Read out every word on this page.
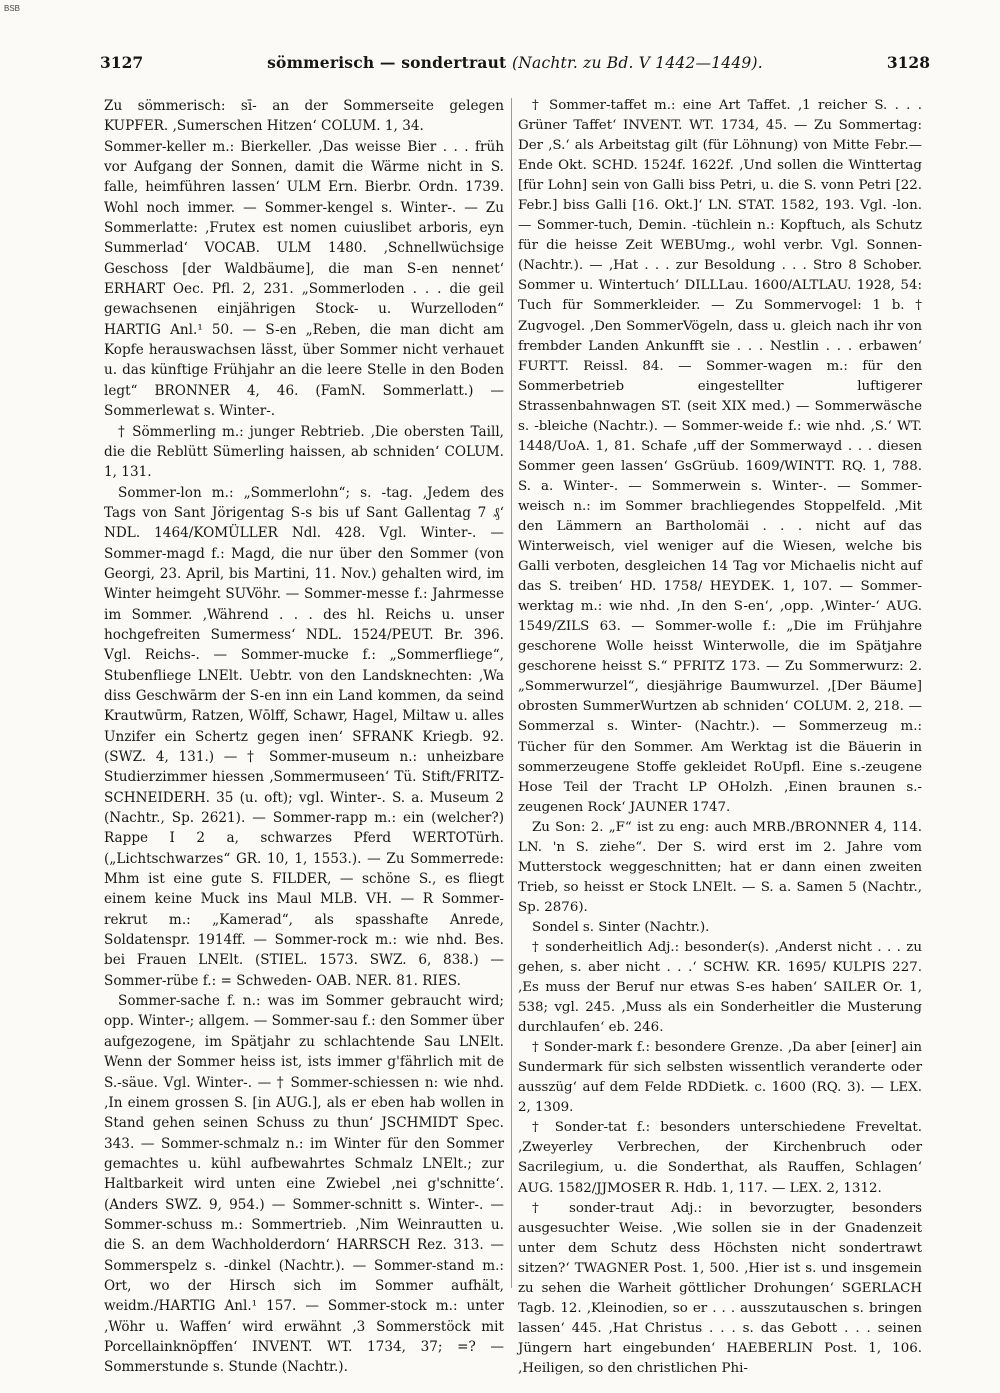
BSB
3127	sömmerisch — sondertraut (Nachtr. zu Bd. V 1442—1449).	3128

Zu sömmerisch: sī- an der Sommerseite gelegen KUPFER. ‚Sumerschen Hitzen‘ COLUM. 1, 34.

Sommer-keller m.: Bierkeller. ‚Das weisse Bier . . . früh vor Aufgang der Sonnen, damit die Wärme nicht in S. falle, heimführen lassen‘ ULM Ern. Bierbr. Ordn. 1739. Wohl noch immer. — Sommer-kengel s. Winter-. — Zu Sommerlatte: ‚Frutex est nomen cuiuslibet arboris, eyn Summerlad‘ VOCAB. ULM 1480. ‚Schnellwüchsige Geschoss [der Waldbäume], die man S-en nennet‘ ERHART Oec. Pfl. 2, 231. „Sommerloden . . . die geil gewachsenen einjährigen Stock- u. Wurzelloden“ HARTIG Anl.¹ 50. — S-en „Reben, die man dicht am Kopfe herauswachsen lässt, über Sommer nicht verhauet u. das künftige Frühjahr an die leere Stelle in den Boden legt“ BRONNER 4, 46. (FamN. Sommerlatt.) — Sommerlewat s. Winter-.

† Sömmerling m.: junger Rebtrieb. ‚Die obersten Taill, die die Reblütt Sümerling haissen, ab schniden‘ COLUM. 1, 131.

Sommer-lon m.: „Sommerlohn“; s. -tag. ‚Jedem des Tags von Sant Jörigentag S-s bis uf Sant Gallentag 7 ₰‘ NDL. 1464/KOMÜLLER Ndl. 428. Vgl. Winter-. — Sommer-magd f.: Magd, die nur über den Sommer (von Georgi, 23. April, bis Martini, 11. Nov.) gehalten wird, im Winter heimgeht SUVöhr. — Sommer-messe f.: Jahrmesse im Sommer. ‚Während . . . des hl. Reichs u. unser hochgefreiten Sumermess‘ NDL. 1524/PEUT. Br. 396. Vgl. Reichs-. — Sommer-mucke f.: „Sommerfliege“, Stubenfliege LNElt. Uebtr. von den Landsknechten: ‚Wa diss Geschwārm der S-en inn ein Land kommen, da seind Krautwūrm, Ratzen, Wōlff, Schawr, Hagel, Miltaw u. alles Unzifer ein Schertz gegen inen‘ SFRANK Kriegb. 92. (SWZ. 4, 131.) — † Sommer-museum n.: unheizbare Studierzimmer hiessen ‚Sommermuseen‘ Tü. Stift/FRITZ-SCHNEIDERH. 35 (u. oft); vgl. Winter-. S. a. Museum 2 (Nachtr., Sp. 2621). — Sommer-rapp m.: ein (welcher?) Rappe I 2 a, schwarzes Pferd WERTOTürh. („Lichtschwarzes“ GR. 10, 1, 1553.). — Zu Sommerrede: Mhm ist eine gute S. FILDER, — schöne S., es fliegt einem keine Muck ins Maul MLB. VH. — R Sommer-rekrut m.: „Kamerad“, als spasshafte Anrede, Soldatenspr. 1914ff. — Sommer-rock m.: wie nhd. Bes. bei Frauen LNElt. (STIEL. 1573. SWZ. 6, 838.) — Sommer-rübe f.: = Schweden- OAB. NER. 81. RIES.

Sommer-sache f. n.: was im Sommer gebraucht wird; opp. Winter-; allgem. — Sommer-sau f.: den Sommer über aufgezogene, im Spätjahr zu schlachtende Sau LNElt. Wenn der Sommer heiss ist, ists immer g'fährlich mit de S.-säue. Vgl. Winter-. — † Sommer-schiessen n: wie nhd. ‚In einem grossen S. [in AUG.], als er eben hab wollen in Stand gehen seinen Schuss zu thun‘ JSCHMIDT Spec. 343. — Sommer-schmalz n.: im Winter für den Sommer gemachtes u. kühl aufbewahrtes Schmalz LNElt.; zur Haltbarkeit wird unten eine Zwiebel ‚nei g'schnitte‘. (Anders SWZ. 9, 954.) — Sommer-schnitt s. Winter-. — Sommer-schuss m.: Sommertrieb. ‚Nim Weinrautten u. die S. an dem Wachholderdorn‘ HARRSCH Rez. 313. — Sommerspelz s. -dinkel (Nachtr.). — Sommer-stand m.: Ort, wo der Hirsch sich im Sommer aufhält, weidm./HARTIG Anl.¹ 157. — Sommer-stock m.: unter ‚Wöhr u. Waffen‘ wird erwähnt ‚3 Sommerstöck mit Porcellainknöpffen‘ INVENT. WT. 1734, 37; =? — Sommerstunde s. Stunde (Nachtr.).

† Sommer-taffet m.: eine Art Taffet. ‚1 reicher S. . . . Grüner Taffet‘ INVENT. WT. 1734, 45. — Zu Sommertag: Der ‚S.‘ als Arbeitstag gilt (für Löhnung) von Mitte Febr.—Ende Okt. SCHD. 1524f. 1622f. ‚Und sollen die Winttertag [für Lohn] sein von Galli biss Petri, u. die S. vonn Petri [22. Febr.] biss Galli [16. Okt.]‘ LN. STAT. 1582, 193. Vgl. -lon. — Sommer-tuch, Demin. -tüchlein n.: Kopftuch, als Schutz für die heisse Zeit WEBUmg., wohl verbr. Vgl. Sonnen- (Nachtr.). — ‚Hat . . . zur Besoldung . . . Stro 8 Schober. Sommer u. Wintertuch‘ DILLLau. 1600/ALTLAU. 1928, 54: Tuch für Sommerkleider. — Zu Sommervogel: 1 b. † Zugvogel. ‚Den SommerVögeln, dass u. gleich nach ihr von frembder Landen Ankunfft sie . . . Nestlin . . . erbawen‘ FURTT. Reissl. 84. — Sommer-wagen m.: für den Sommerbetrieb eingestellter luftigerer Strassenbahnwagen ST. (seit XIX med.) — Sommerwäsche s. -bleiche (Nachtr.). — Sommer-weide f.: wie nhd. ‚S.‘ WT. 1448/UoA. 1, 81. Schafe ‚uff der Sommerwayd . . . diesen Sommer geen lassen‘ GsGrüub. 1609/WINTT. RQ. 1, 788. S. a. Winter-. — Sommerwein s. Winter-. — Sommer-weisch n.: im Sommer brachliegendes Stoppelfeld. ‚Mit den Lämmern an Bartholomäi . . . nicht auf das Winterweisch, viel weniger auf die Wiesen, welche bis Galli verboten, desgleichen 14 Tag vor Michaelis nicht auf das S. treiben‘ HD. 1758/ HEYDEK. 1, 107. — Sommer-werktag m.: wie nhd. ‚In den S-en‘, ‚opp. ‚Winter-‘ AUG. 1549/ZILS 63. — Sommer-wolle f.: „Die im Frühjahre geschorene Wolle heisst Winterwolle, die im Spätjahre geschorene heisst S.“ PFRITZ 173. — Zu Sommerwurz: 2. „Sommerwurzel“, diesjährige Baumwurzel. ‚[Der Bäume] obrosten SummerWurtzen ab schniden‘ COLUM. 2, 218. — Sommerzal s. Winter- (Nachtr.). — Sommerzeug m.: Tücher für den Sommer. Am Werktag ist die Bäuerin in sommerzeugene Stoffe gekleidet RoUpfl. Eine s.-zeugene Hose Teil der Tracht LP OHolzh. ‚Einen braunen s.-zeugenen Rock‘ JAUNER 1747.

Zu Son: 2. „F“ ist zu eng: auch MRB./BRONNER 4, 114. LN. 'n S. ziehe“. Der S. wird erst im 2. Jahre vom Mutterstock weggeschnitten; hat er dann einen zweiten Trieb, so heisst er Stock LNElt. — S. a. Samen 5 (Nachtr., Sp. 2876).

Sondel s. Sinter (Nachtr.).

† sonderheitlich Adj.: besonder(s). ‚Anderst nicht . . . zu gehen, s. aber nicht . . .‘ SCHW. KR. 1695/ KULPIS 227. ‚Es muss der Beruf nur etwas S-es haben‘ SAILER Or. 1, 538; vgl. 245. ‚Muss als ein Sonderheitler die Musterung durchlaufen‘ eb. 246.

† Sonder-mark f.: besondere Grenze. ‚Da aber [einer] ain Sundermark für sich selbsten wissentlich veranderte oder ausszüg‘ auf dem Felde RDDietk. c. 1600 (RQ. 3). — LEX. 2, 1309.

† Sonder-tat f.: besonders unterschiedene Freveltat. ‚Zweyerley Verbrechen, der Kirchenbruch oder Sacrilegium, u. die Sonderthat, als Rauffen, Schlagen‘ AUG. 1582/JJMOSER R. Hdb. 1, 117. — LEX. 2, 1312.

† sonder-traut Adj.: in bevorzugter, besonders ausgesuchter Weise. ‚Wie sollen sie in der Gnadenzeit unter dem Schutz dess Höchsten nicht sondertrawt sitzen?‘ TWAGNER Post. 1, 500. ‚Hier ist s. und insgemein zu sehen die Warheit göttlicher Drohungen‘ SGERLACH Tagb. 12. ‚Kleinodien, so er . . . ausszutauschen s. bringen lassen‘ 445. ‚Hat Christus . . . s. das Gebott . . . seinen Jüngern hart eingebunden‘ HAEBERLIN Post. 1, 106. ‚Heiligen, so den christlichen Phi-
